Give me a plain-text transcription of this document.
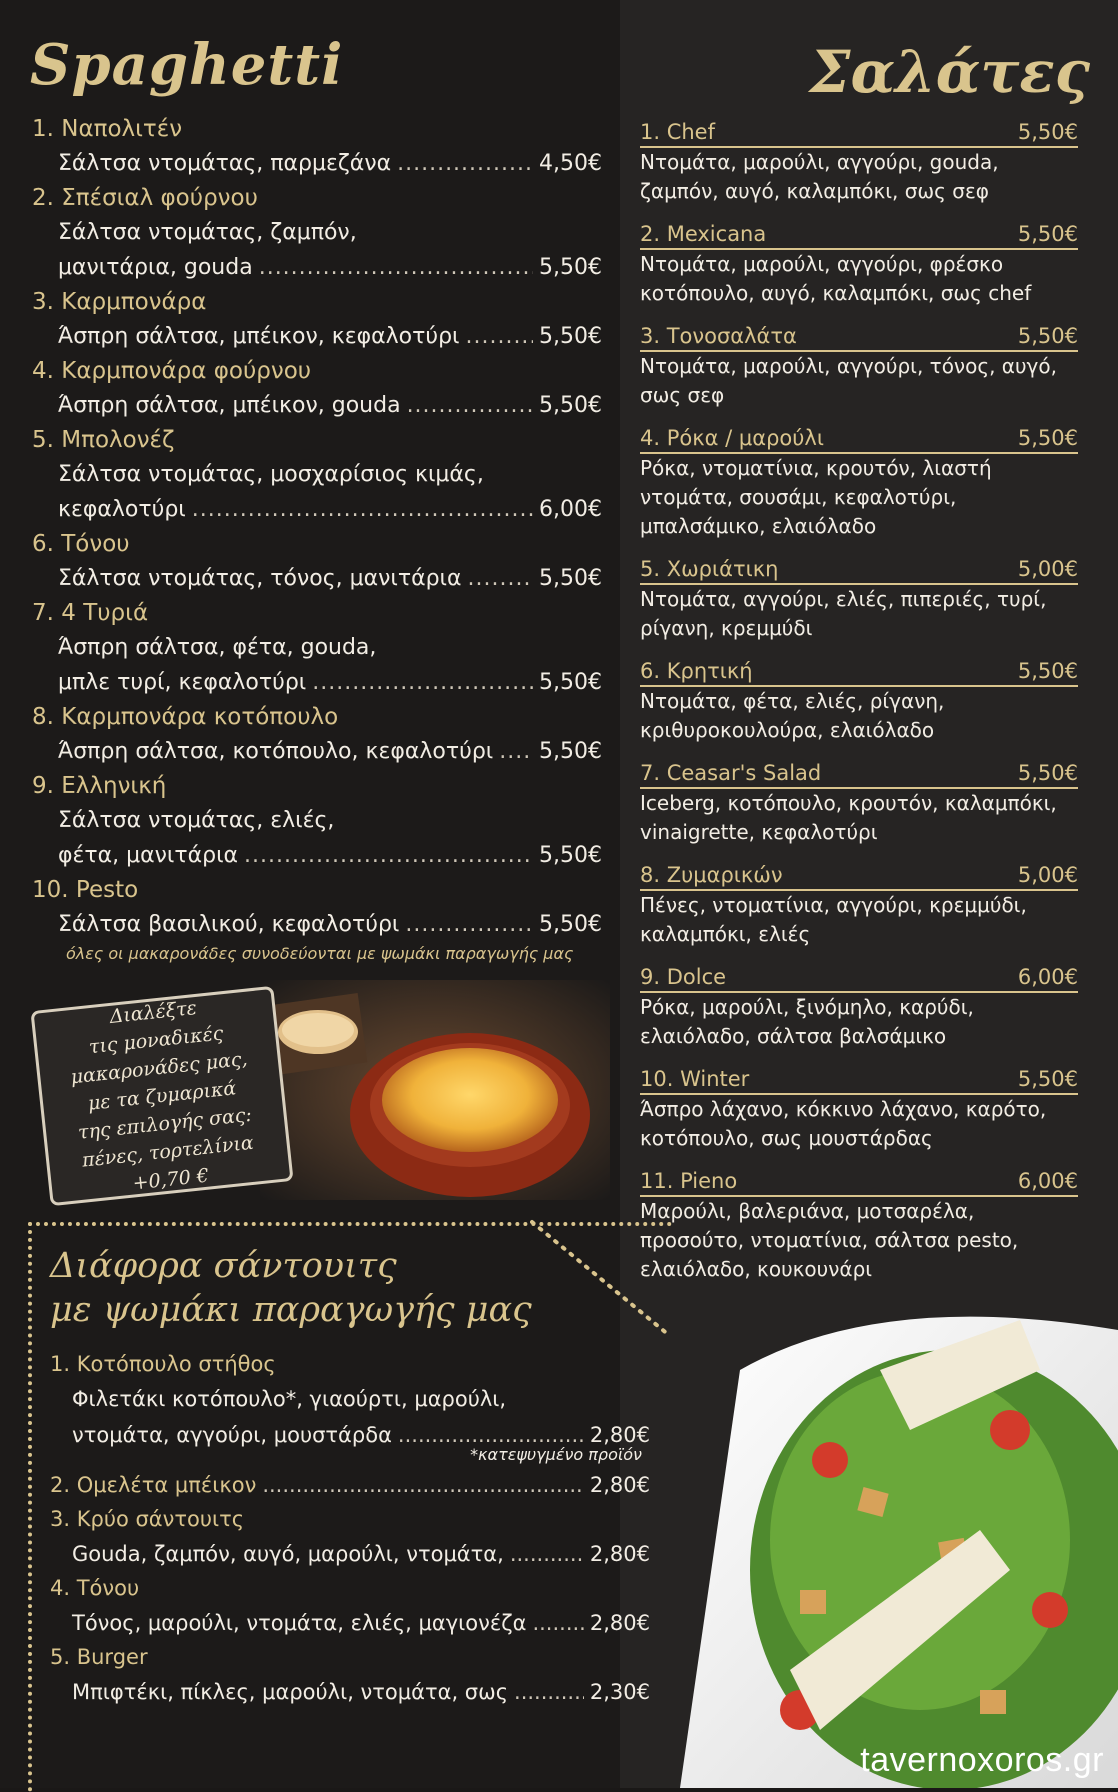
Spaghetti
1. Ναπολιτέν
Σάλτσα ντομάτας, παρμεζάνα .....	4,50€
2. Σπέσιαλ φούρνου
Σάλτσα ντομάτας, ζαμπόν,
μανιτάρια, gouda .....	5,50€
3. Καρμπονάρα
Άσπρη σάλτσα, μπέικον, κεφαλοτύρι .....	5,50€
4. Καρμπονάρα φούρνου
Άσπρη σάλτσα, μπέικον, gouda .....	5,50€
5. Μπολονέζ
Σάλτσα ντομάτας, μοσχαρίσιος κιμάς,
κεφαλοτύρι .....	6,00€
6. Τόνου
Σάλτσα ντομάτας, τόνος, μανιτάρια .....	5,50€
7. 4 Τυριά
Άσπρη σάλτσα, φέτα, gouda,
μπλε τυρί, κεφαλοτύρι .....	5,50€
8. Καρμπονάρα κοτόπουλο
Άσπρη σάλτσα, κοτόπουλο, κεφαλοτύρι ..... 5,50€
9. Ελληνική
Σάλτσα ντομάτας, ελιές,
φέτα, μανιτάρια .....	5,50€
10. Pesto
Σάλτσα βασιλικού, κεφαλοτύρι .....	5,50€
όλες οι μακαρονάδες συνοδεύονται με ψωμάκι παραγωγής μας
Διαλέξτε
τις μοναδικές
μακαρονάδες μας,
με τα ζυμαρικά
της επιλογής σας:
πένες, τορτελίνια
+0,70 €
Διάφορα σάντουιτς
με ψωμάκι παραγωγής μας
1. Κοτόπουλο στήθος
Φιλετάκι κοτόπουλο*, γιαούρτι, μαρούλι,
ντομάτα, αγγούρι, μουστάρδα .....	2,80€
*κατεψυγμένο προϊόν
2. Ομελέτα μπέικον .....	2,80€
3. Κρύο σάντουιτς
Gouda, ζαμπόν, αυγό, μαρούλι, ντομάτα, .....	2,80€
4. Τόνου
Τόνος, μαρούλι, ντομάτα, ελιές, μαγιονέζα .....	2,80€
5. Burger
Μπιφτέκι, πίκλες, μαρούλι, ντομάτα, σως .....	2,30€
Σαλάτες
1. Chef	5,50€
Ντομάτα, μαρούλι, αγγούρι, gouda, ζαμπόν, αυγό, καλαμπόκι, σως σεφ
2. Mexicana	5,50€
Ντομάτα, μαρούλι, αγγούρι, φρέσκο κοτόπουλο, αυγό, καλαμπόκι, σως chef
3. Τονοσαλάτα	5,50€
Ντομάτα, μαρούλι, αγγούρι, τόνος, αυγό, σως σεφ
4. Ρόκα / μαρούλι	5,50€
Ρόκα, ντοματίνια, κρουτόν, λιαστή ντομάτα, σουσάμι, κεφαλοτύρι, μπαλσάμικο, ελαιόλαδο
5. Χωριάτικη	5,00€
Ντομάτα, αγγούρι, ελιές, πιπεριές, τυρί, ρίγανη, κρεμμύδι
6. Κρητική	5,50€
Ντομάτα, φέτα, ελιές, ρίγανη, κριθυροκουλούρα, ελαιόλαδο
7. Ceasar's Salad	5,50€
Iceberg, κοτόπουλο, κρουτόν, καλαμπόκι, vinaigrette, κεφαλοτύρι
8. Ζυμαρικών	5,00€
Πένες, ντοματίνια, αγγούρι, κρεμμύδι, καλαμπόκι, ελιές
9. Dolce	6,00€
Ρόκα, μαρούλι, ξινόμηλο, καρύδι, ελαιόλαδο, σάλτσα βαλσάμικο
10. Winter	5,50€
Άσπρο λάχανο, κόκκινο λάχανο, καρότο, κοτόπουλο, σως μουστάρδας
11. Pieno	6,00€
Μαρούλι, βαλεριάνα, μοτσαρέλα, προσούτο, ντοματίνια, σάλτσα pesto, ελαιόλαδο, κουκουνάρι
tavernoxoros.gr
